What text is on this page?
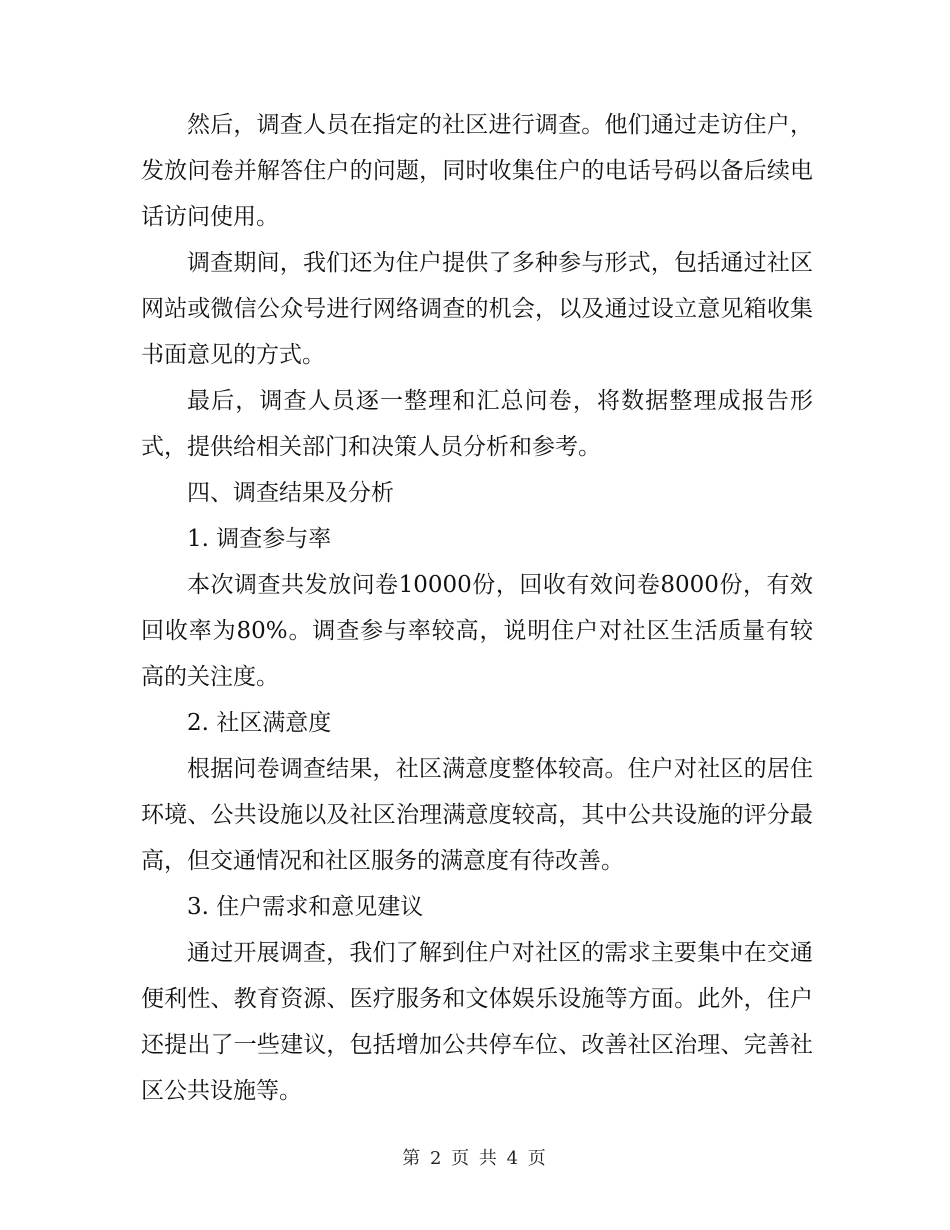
然后，调查人员在指定的社区进行调查。他们通过走访住户，发放问卷并解答住户的问题，同时收集住户的电话号码以备后续电话访问使用。

调查期间，我们还为住户提供了多种参与形式，包括通过社区网站或微信公众号进行网络调查的机会，以及通过设立意见箱收集书面意见的方式。

最后，调查人员逐一整理和汇总问卷，将数据整理成报告形式，提供给相关部门和决策人员分析和参考。

四、调查结果及分析

1. 调查参与率

本次调查共发放问卷10000份，回收有效问卷8000份，有效回收率为80%。调查参与率较高，说明住户对社区生活质量有较高的关注度。

2. 社区满意度

根据问卷调查结果，社区满意度整体较高。住户对社区的居住环境、公共设施以及社区治理满意度较高，其中公共设施的评分最高，但交通情况和社区服务的满意度有待改善。

3. 住户需求和意见建议

通过开展调查，我们了解到住户对社区的需求主要集中在交通便利性、教育资源、医疗服务和文体娱乐设施等方面。此外，住户还提出了一些建议，包括增加公共停车位、改善社区治理、完善社区公共设施等。

第 2 页 共 4 页
